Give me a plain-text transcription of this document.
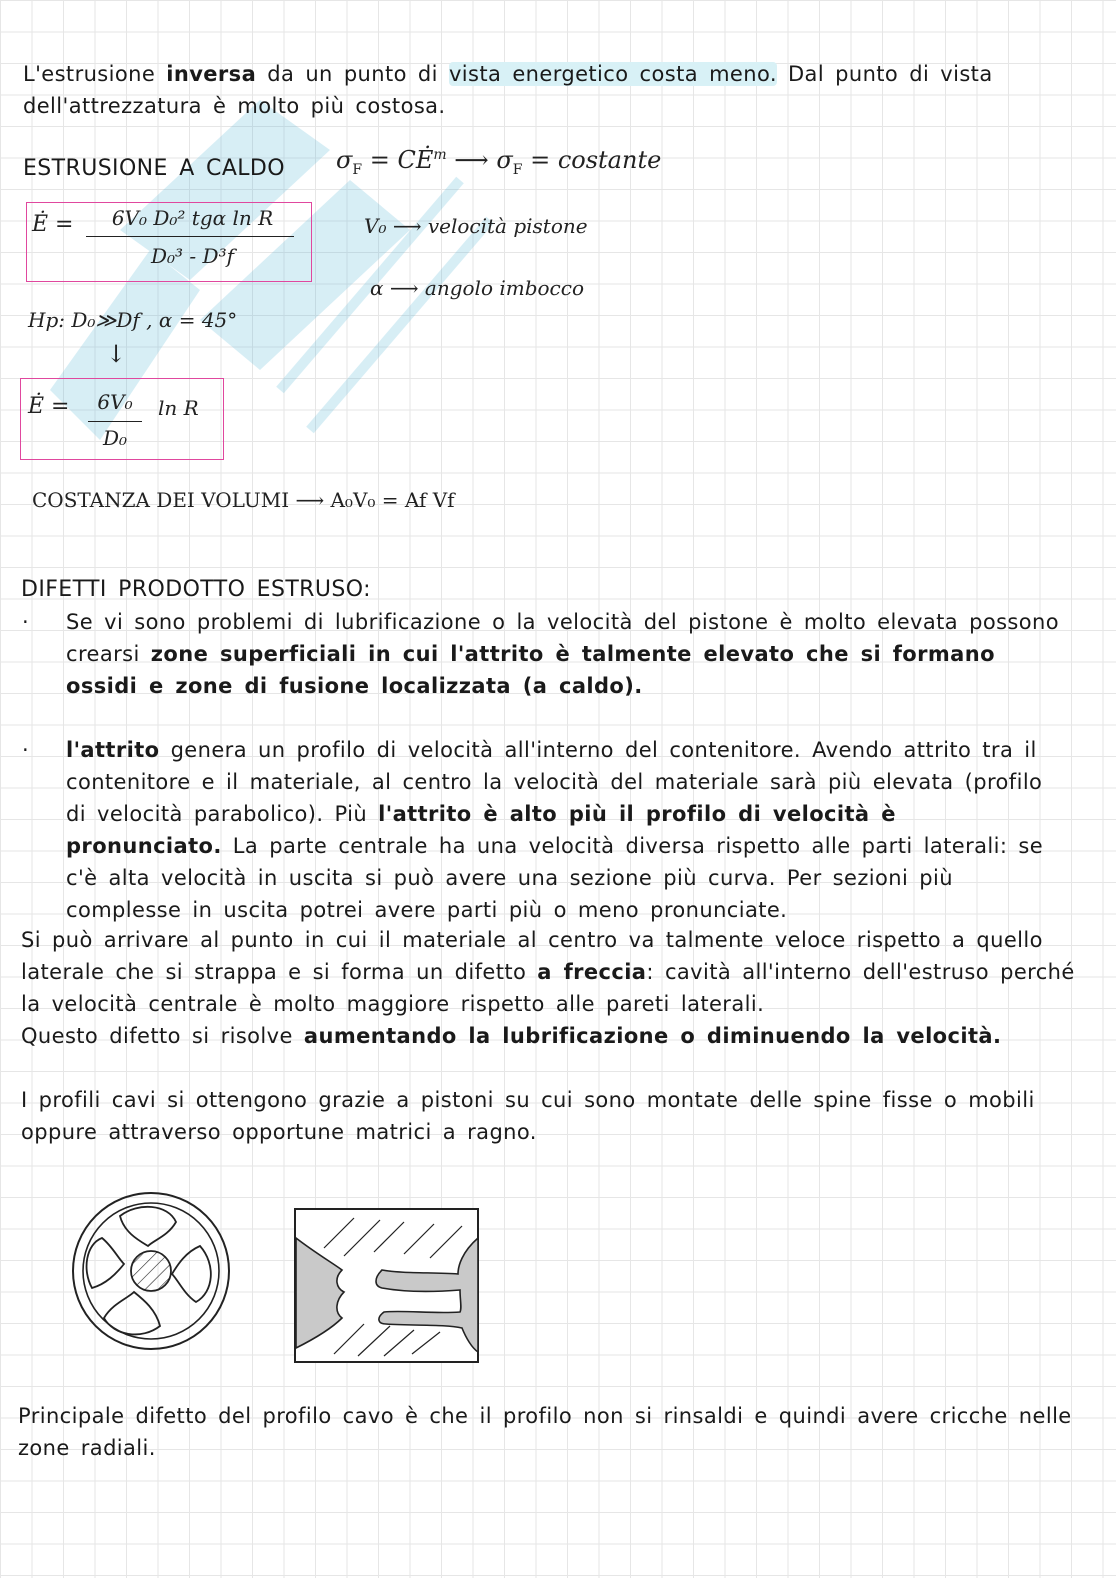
L'estrusione inversa da un punto di vista energetico costa meno. Dal punto di vista dell'attrezzatura è molto più costosa.

ESTRUSIONE A CALDO $\sigma_F$ = $CĖ^m$ ⟶ $\sigma_F$ = costante
Ė =	6V₀ D₀² tgα ln R
D₀³ - D³f
V₀ ⟶ velocità pistone
α ⟶ angolo imbocco
Hp: D₀≫Df , α = 45°
↓
Ė =	6V₀
D₀
ln R
COSTANZA DEI VOLUMI ⟶ A₀V₀ = Af Vf
DIFETTI PRODOTTO ESTRUSO:
· Se vi sono problemi di lubrificazione o la velocità del pistone è molto elevata possono crearsi zone superficiali in cui l'attrito è talmente elevato che si formano ossidi e zone di fusione localizzata (a caldo).

· l'attrito genera un profilo di velocità all'interno del contenitore. Avendo attrito tra il contenitore e il materiale, al centro la velocità del materiale sarà più elevata (profilo di velocità parabolico). Più l'attrito è alto più il profilo di velocità è pronunciato. La parte centrale ha una velocità diversa rispetto alle parti laterali: se c'è alta velocità in uscita si può avere una sezione più curva. Per sezioni più complesse in uscita potrei avere parti più o meno pronunciate.

Si può arrivare al punto in cui il materiale al centro va talmente veloce rispetto a quello laterale che si strappa e si forma un difetto a freccia: cavità all'interno dell'estruso perché la velocità centrale è molto maggiore rispetto alle pareti laterali.

Questo difetto si risolve aumentando la lubrificazione o diminuendo la velocità.

I profili cavi si ottengono grazie a pistoni su cui sono montate delle spine fisse o mobili oppure attraverso opportune matrici a ragno.

Principale difetto del profilo cavo è che il profilo non si rinsaldi e quindi avere cricche nelle zone radiali.
